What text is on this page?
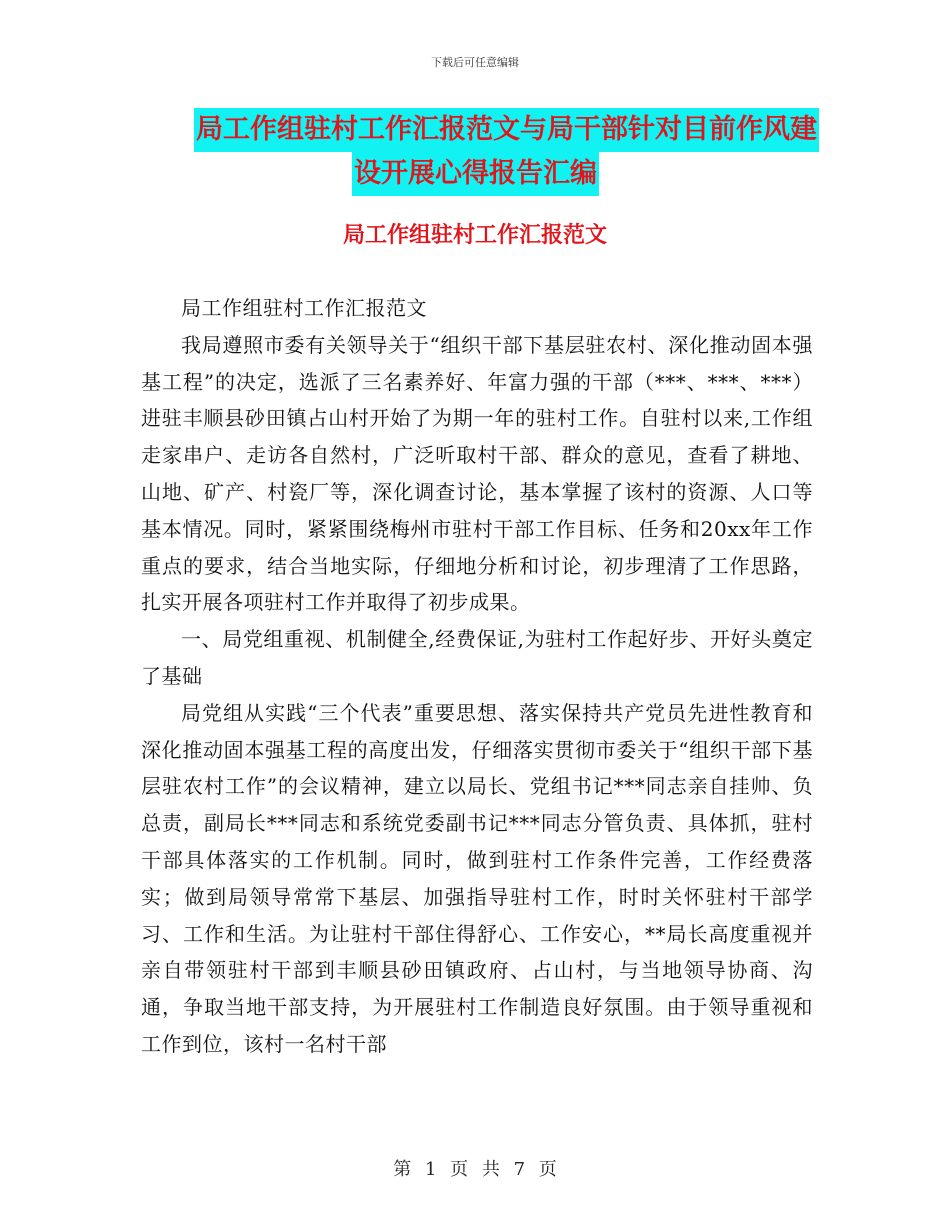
下载后可任意编辑
局工作组驻村工作汇报范文与局干部针对目前作风建
设开展心得报告汇编
局工作组驻村工作汇报范文

局工作组驻村工作汇报范文

我局遵照市委有关领导关于“组织干部下基层驻农村、深化推动固本强基工程”的决定，选派了三名素养好、年富力强的干部（***、***、***）进驻丰顺县砂田镇占山村开始了为期一年的驻村工作。自驻村以来,工作组走家串户、走访各自然村，广泛听取村干部、群众的意见，查看了耕地、山地、矿产、村瓷厂等，深化调查讨论，基本掌握了该村的资源、人口等基本情况。同时，紧紧围绕梅州市驻村干部工作目标、任务和20xx年工作重点的要求，结合当地实际，仔细地分析和讨论，初步理清了工作思路，扎实开展各项驻村工作并取得了初步成果。

一、局党组重视、机制健全,经费保证,为驻村工作起好步、开好头奠定了基础

局党组从实践“三个代表”重要思想、落实保持共产党员先进性教育和深化推动固本强基工程的高度出发，仔细落实贯彻市委关于“组织干部下基层驻农村工作”的会议精神，建立以局长、党组书记***同志亲自挂帅、负总责，副局长***同志和系统党委副书记***同志分管负责、具体抓，驻村干部具体落实的工作机制。同时，做到驻村工作条件完善，工作经费落实；做到局领导常常下基层、加强指导驻村工作，时时关怀驻村干部学习、工作和生活。为让驻村干部住得舒心、工作安心，**局长高度重视并亲自带领驻村干部到丰顺县砂田镇政府、占山村，与当地领导协商、沟通，争取当地干部支持，为开展驻村工作制造良好氛围。由于领导重视和工作到位，该村一名村干部

第 1 页 共 7 页
